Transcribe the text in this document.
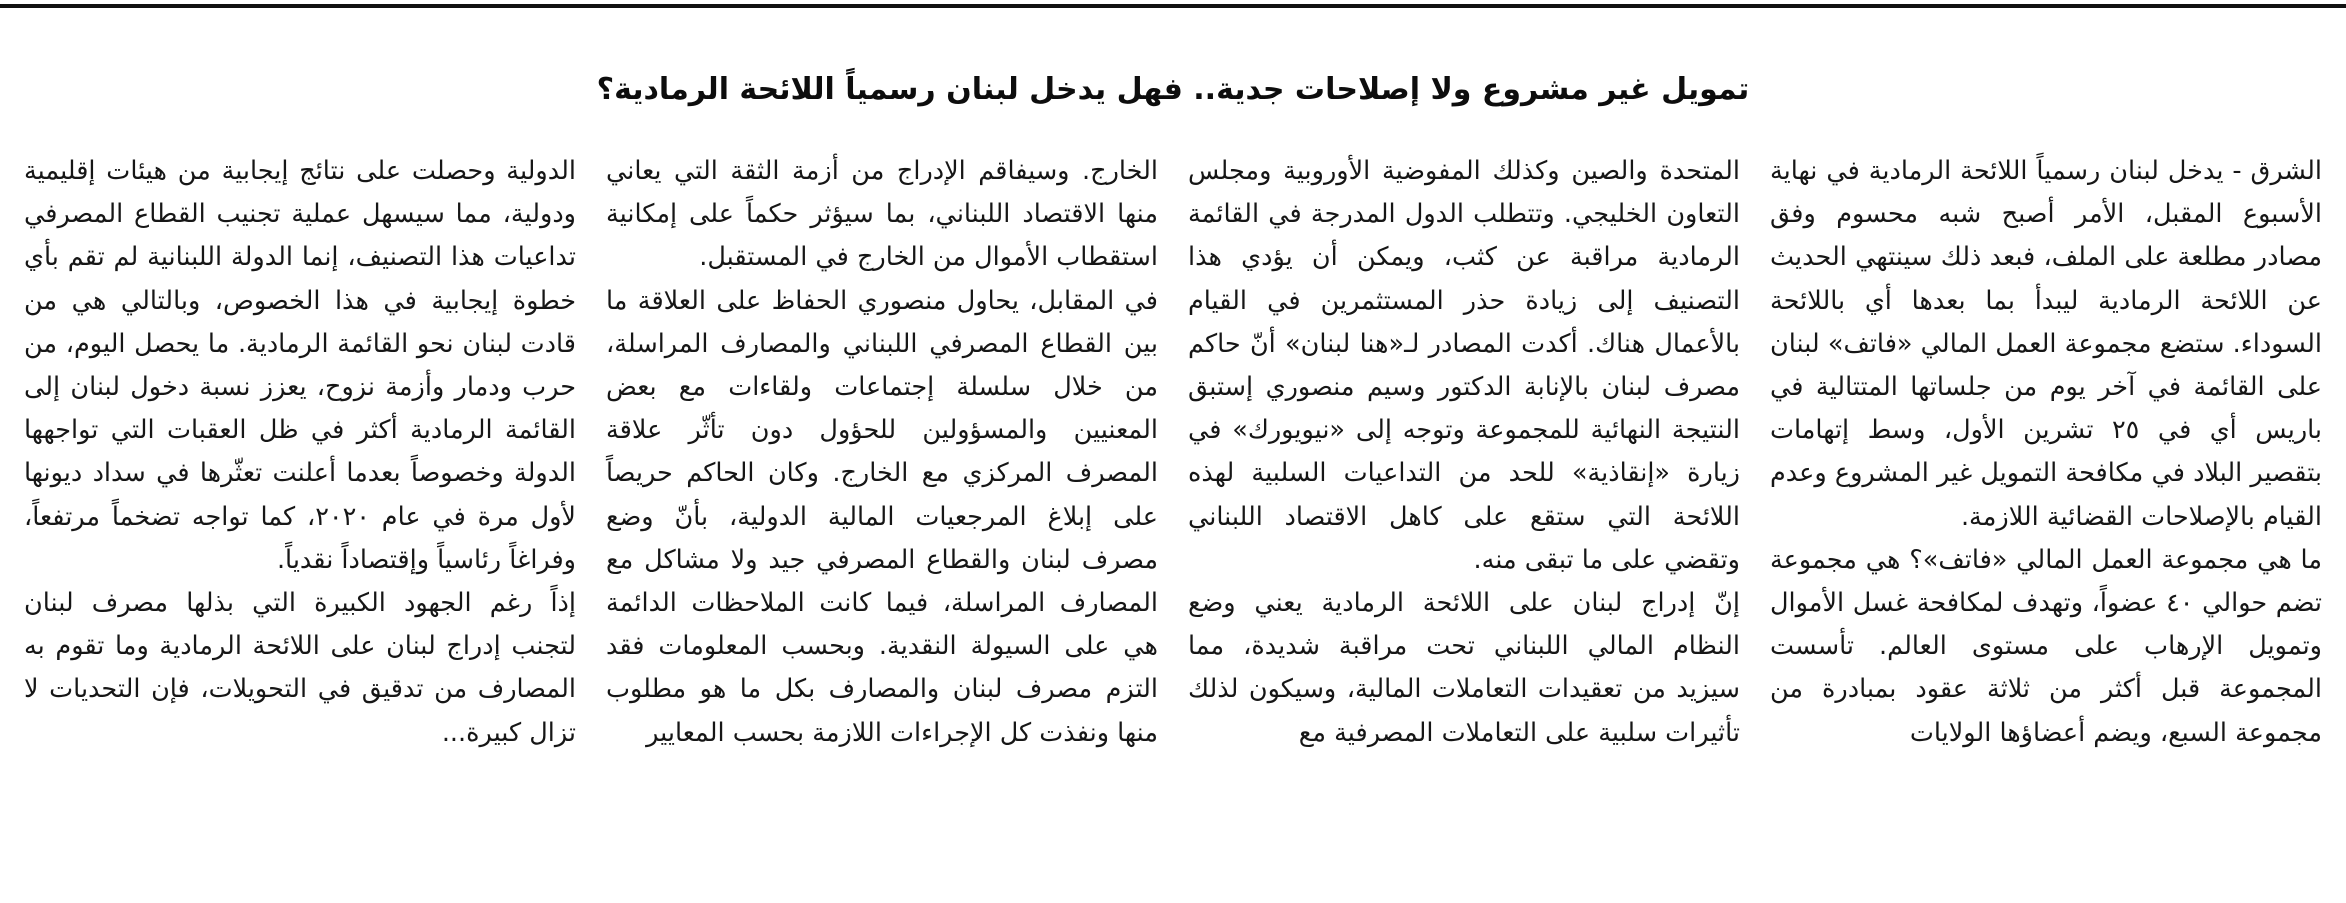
تمويل غير مشروع ولا إصلاحات جدية.. فهل يدخل لبنان رسمياً اللائحة الرمادية؟

الشرق - يدخل لبنان رسمياً اللائحة الرمادية في نهاية الأسبوع المقبل، الأمر أصبح شبه محسوم وفق مصادر مطلعة على الملف، فبعد ذلك سينتهي الحديث عن اللائحة الرمادية ليبدأ بما بعدها أي باللائحة السوداء. ستضع مجموعة العمل المالي «فاتف» لبنان على القائمة في آخر يوم من جلساتها المتتالية في باريس أي في ٢٥ تشرين الأول، وسط إتهامات بتقصير البلاد في مكافحة التمويل غير المشروع وعدم القيام بالإصلاحات القضائية اللازمة.

ما هي مجموعة العمل المالي «فاتف»؟ هي مجموعة تضم حوالي ٤٠ عضواً، وتهدف لمكافحة غسل الأموال وتمويل الإرهاب على مستوى العالم. تأسست المجموعة قبل أكثر من ثلاثة عقود بمبادرة من مجموعة السبع، ويضم أعضاؤها الولايات

المتحدة والصين وكذلك المفوضية الأوروبية ومجلس التعاون الخليجي. وتتطلب الدول المدرجة في القائمة الرمادية مراقبة عن كثب، ويمكن أن يؤدي هذا التصنيف إلى زيادة حذر المستثمرين في القيام بالأعمال هناك. أكدت المصادر لـ«هنا لبنان» أنّ حاكم مصرف لبنان بالإنابة الدكتور وسيم منصوري إستبق النتيجة النهائية للمجموعة وتوجه إلى «نيويورك» في زيارة «إنقاذية» للحد من التداعيات السلبية لهذه اللائحة التي ستقع على كاهل الاقتصاد اللبناني وتقضي على ما تبقى منه.

إنّ إدراج لبنان على اللائحة الرمادية يعني وضع النظام المالي اللبناني تحت مراقبة شديدة، مما سيزيد من تعقيدات التعاملات المالية، وسيكون لذلك تأثيرات سلبية على التعاملات المصرفية مع

الخارج. وسيفاقم الإدراج من أزمة الثقة التي يعاني منها الاقتصاد اللبناني، بما سيؤثر حكماً على إمكانية استقطاب الأموال من الخارج في المستقبل.

في المقابل، يحاول منصوري الحفاظ على العلاقة ما بين القطاع المصرفي اللبناني والمصارف المراسلة، من خلال سلسلة إجتماعات ولقاءات مع بعض المعنيين والمسؤولين للحؤول دون تأثّر علاقة المصرف المركزي مع الخارج. وكان الحاكم حريصاً على إبلاغ المرجعيات المالية الدولية، بأنّ وضع مصرف لبنان والقطاع المصرفي جيد ولا مشاكل مع المصارف المراسلة، فيما كانت الملاحظات الدائمة هي على السيولة النقدية. وبحسب المعلومات فقد التزم مصرف لبنان والمصارف بكل ما هو مطلوب منها ونفذت كل الإجراءات اللازمة بحسب المعايير

الدولية وحصلت على نتائج إيجابية من هيئات إقليمية ودولية، مما سيسهل عملية تجنيب القطاع المصرفي تداعيات هذا التصنيف، إنما الدولة اللبنانية لم تقم بأي خطوة إيجابية في هذا الخصوص، وبالتالي هي من قادت لبنان نحو القائمة الرمادية. ما يحصل اليوم، من حرب ودمار وأزمة نزوح، يعزز نسبة دخول لبنان إلى القائمة الرمادية أكثر في ظل العقبات التي تواجهها الدولة وخصوصاً بعدما أعلنت تعثّرها في سداد ديونها لأول مرة في عام ٢٠٢٠، كما تواجه تضخماً مرتفعاً، وفراغاً رئاسياً وإقتصاداً نقدياً.

إذاً رغم الجهود الكبيرة التي بذلها مصرف لبنان لتجنب إدراج لبنان على اللائحة الرمادية وما تقوم به المصارف من تدقيق في التحويلات، فإن التحديات لا تزال كبيرة...
